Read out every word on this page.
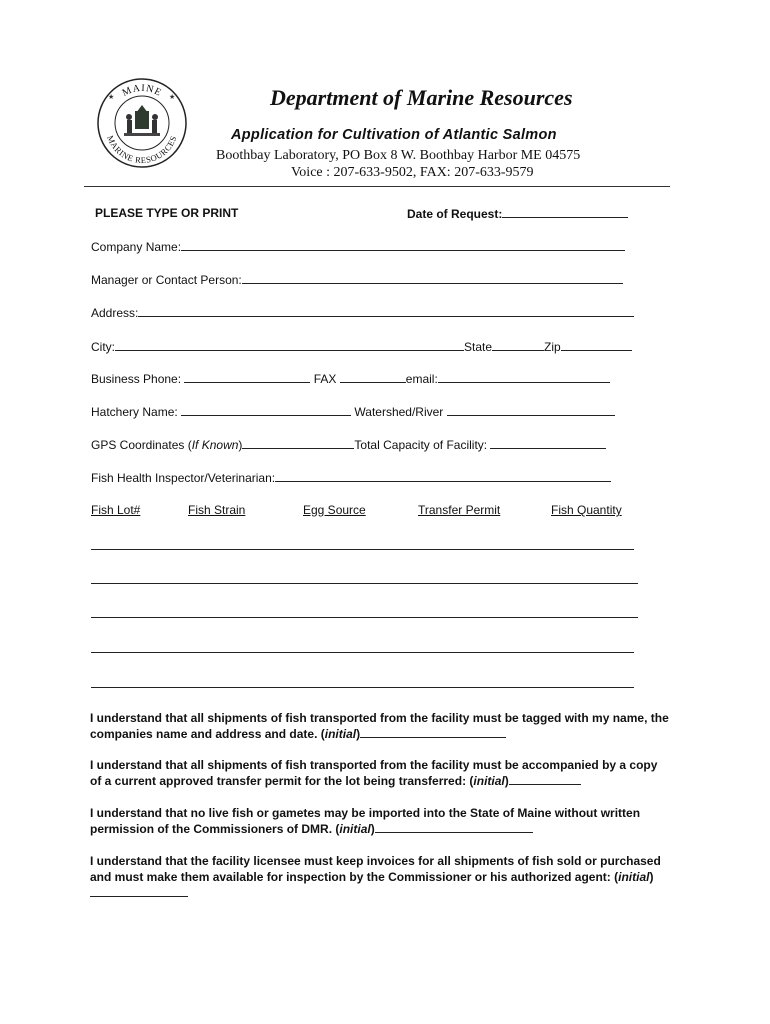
MAINE
MARINE RESOURCES
★	★	Department of Marine Resources
Application for Cultivation of Atlantic Salmon
Boothbay Laboratory, PO Box 8 W. Boothbay Harbor ME 04575
Voice : 207-633-9502, FAX: 207-633-9579
PLEASE TYPE OR PRINT	Date of Request:
Company Name:
Manager or Contact Person:
Address:
City:	State	Zip
Business Phone:	FAX	email:
Hatchery Name:	Watershed/River
GPS Coordinates (If Known)	Total Capacity of Facility:
Fish Health Inspector/Veterinarian:
Fish Lot#	Fish Strain	Egg Source	Transfer Permit	Fish Quantity
I understand that all shipments of fish transported from the facility must be tagged with my name, the companies name and address and date. (initial)
I understand that all shipments of fish transported from the facility must be accompanied by a copy of a current approved transfer permit for the lot being transferred: (initial)
I understand that no live fish or gametes may be imported into the State of Maine without written permission of the Commissioners of DMR. (initial)
I understand that the facility licensee must keep invoices for all shipments of fish sold or purchased and must make them available for inspection by the Commissioner or his authorized agent: (initial)
